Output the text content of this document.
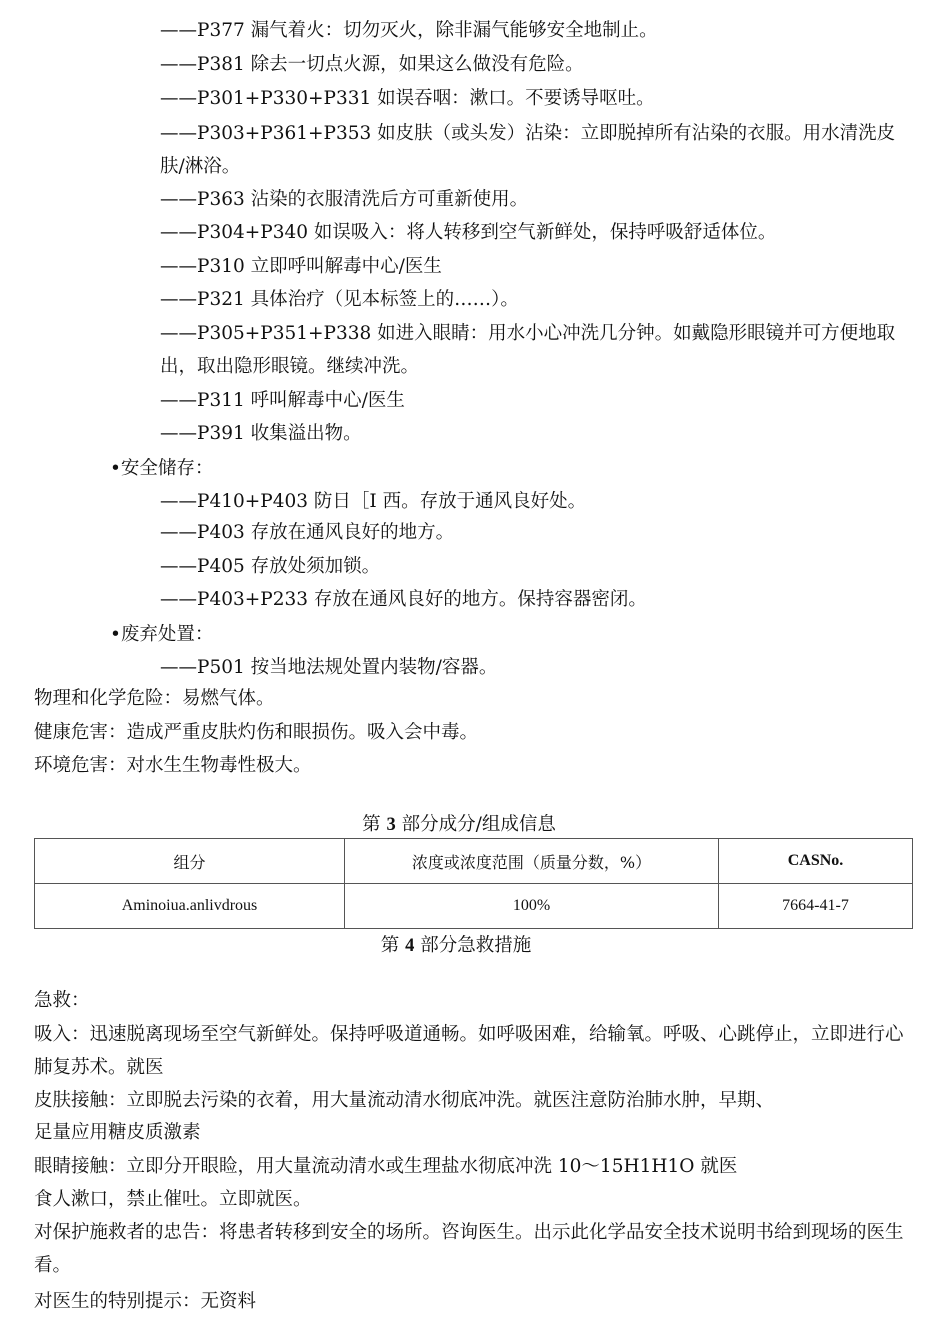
——P377 漏气着火：切勿灭火，除非漏气能够安全地制止。
——P381 除去一切点火源，如果这么做没有危险。
——P301+P330+P331 如误吞咽：漱口。不要诱导呕吐。
——P303+P361+P353 如皮肤（或头发）沾染：立即脱掉所有沾染的衣服。用水清洗皮肤/淋浴。
——P363 沾染的衣服清洗后方可重新使用。
——P304+P340 如误吸入：将人转移到空气新鲜处，保持呼吸舒适体位。
——P310 立即呼叫解毒中心/医生
——P321 具体治疗（见本标签上的……）。
——P305+P351+P338 如进入眼睛：用水小心冲洗几分钟。如戴隐形眼镜并可方便地取出，取出隐形眼镜。继续冲洗。
——P311 呼叫解毒中心/医生
——P391 收集溢出物。
•安全储存：
——P410+P403 防日［I 西。存放于通风良好处。
——P403 存放在通风良好的地方。
——P405 存放处须加锁。
——P403+P233 存放在通风良好的地方。保持容器密闭。
•废弃处置：
——P501 按当地法规处置内装物/容器。
物理和化学危险：易燃气体。
健康危害：造成严重皮肤灼伤和眼损伤。吸入会中毒。
环境危害：对水生生物毒性极大。
第 3 部分成分/组成信息
组分	浓度或浓度范围（质量分数，%）	CASNo.
Aminoiua.anlivdrous	100%	7664-41-7
第 4 部分急救措施
急救：
吸入：迅速脱离现场至空气新鲜处。保持呼吸道通畅。如呼吸困难，给输氧。呼吸、心跳停止，立即进行心肺复苏术。就医
皮肤接触：立即脱去污染的衣着，用大量流动清水彻底冲洗。就医注意防治肺水肿，早期、
足量应用糖皮质激素
眼睛接触：立即分开眼睑，用大量流动清水或生理盐水彻底冲洗 10〜15H1H1O 就医
食人漱口，禁止催吐。立即就医。
对保护施救者的忠告：将患者转移到安全的场所。咨询医生。出示此化学品安全技术说明书给到现场的医生看。
对医生的特别提示：无资料
